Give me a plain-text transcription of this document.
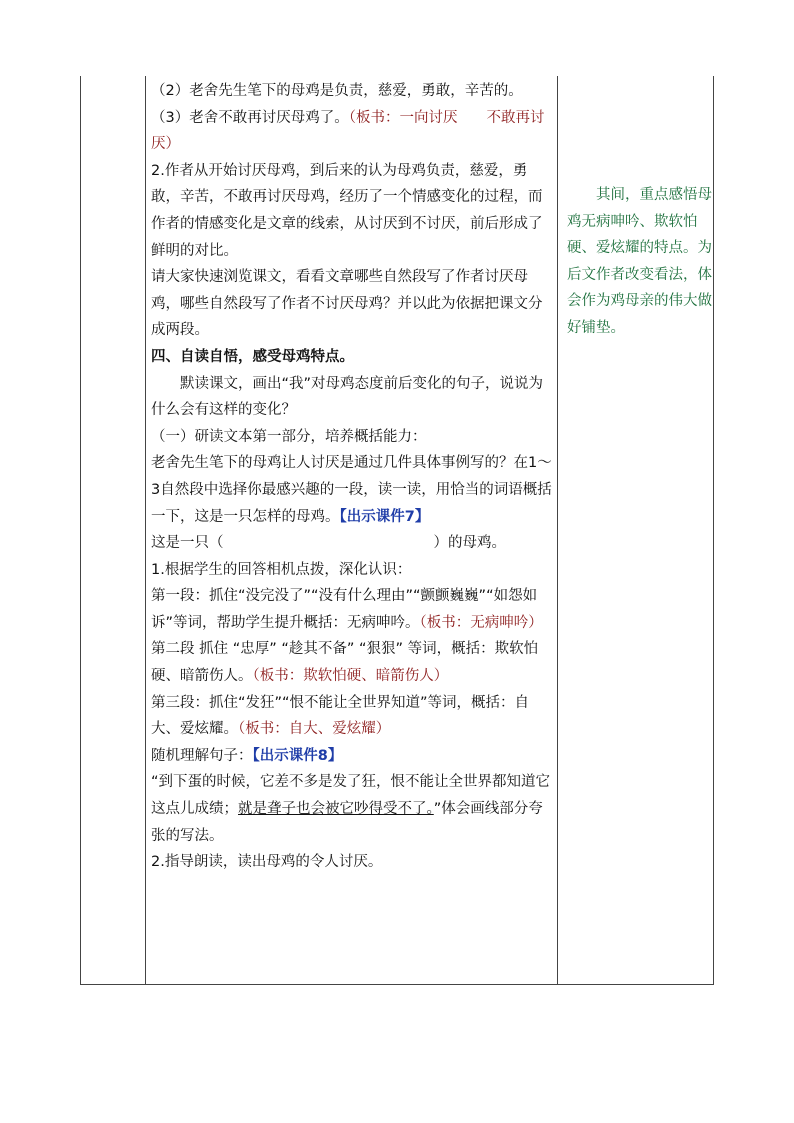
（2）老舍先生笔下的母鸡是负责，慈爱，勇敢，辛苦的。

（3）老舍不敢再讨厌母鸡了。（板书：一向讨厌　　不敢再讨厌）

2.作者从开始讨厌母鸡，到后来的认为母鸡负责，慈爱，勇敢，辛苦，不敢再讨厌母鸡，经历了一个情感变化的过程，而作者的情感变化是文章的线索，从讨厌到不讨厌，前后形成了鲜明的对比。

请大家快速浏览课文，看看文章哪些自然段写了作者讨厌母鸡，哪些自然段写了作者不讨厌母鸡？并以此为依据把课文分成两段。

四、自读自悟，感受母鸡特点。

默读课文，画出“我”对母鸡态度前后变化的句子，说说为什么会有这样的变化？

（一）研读文本第一部分，培养概括能力：

老舍先生笔下的母鸡让人讨厌是通过几件具体事例写的？在1～3自然段中选择你最感兴趣的一段，读一读，用恰当的词语概括一下，这是一只怎样的母鸡。【出示课件7】

这是一只（	）的母鸡。

1.根据学生的回答相机点拨，深化认识：

第一段：抓住“没完没了”“没有什么理由”“颤颤巍巍”“如怨如诉”等词，帮助学生提升概括：无病呻吟。（板书：无病呻吟）

第二段 抓住 “忠厚” “趁其不备” “狠狠” 等词，概括：欺软怕硬、暗箭伤人。（板书：欺软怕硬、暗箭伤人）

第三段：抓住“发狂”“恨不能让全世界知道”等词，概括：自大、爱炫耀。（板书：自大、爱炫耀）

随机理解句子：【出示课件8】

“到下蛋的时候，它差不多是发了狂，恨不能让全世界都知道它这点儿成绩；就是聋子也会被它吵得受不了。”体会画线部分夸张的写法。

2.指导朗读，读出母鸡的令人讨厌。

其间，重点感悟母鸡无病呻吟、欺软怕硬、爱炫耀的特点。为后文作者改变看法，体会作为鸡母亲的伟大做好铺垫。
